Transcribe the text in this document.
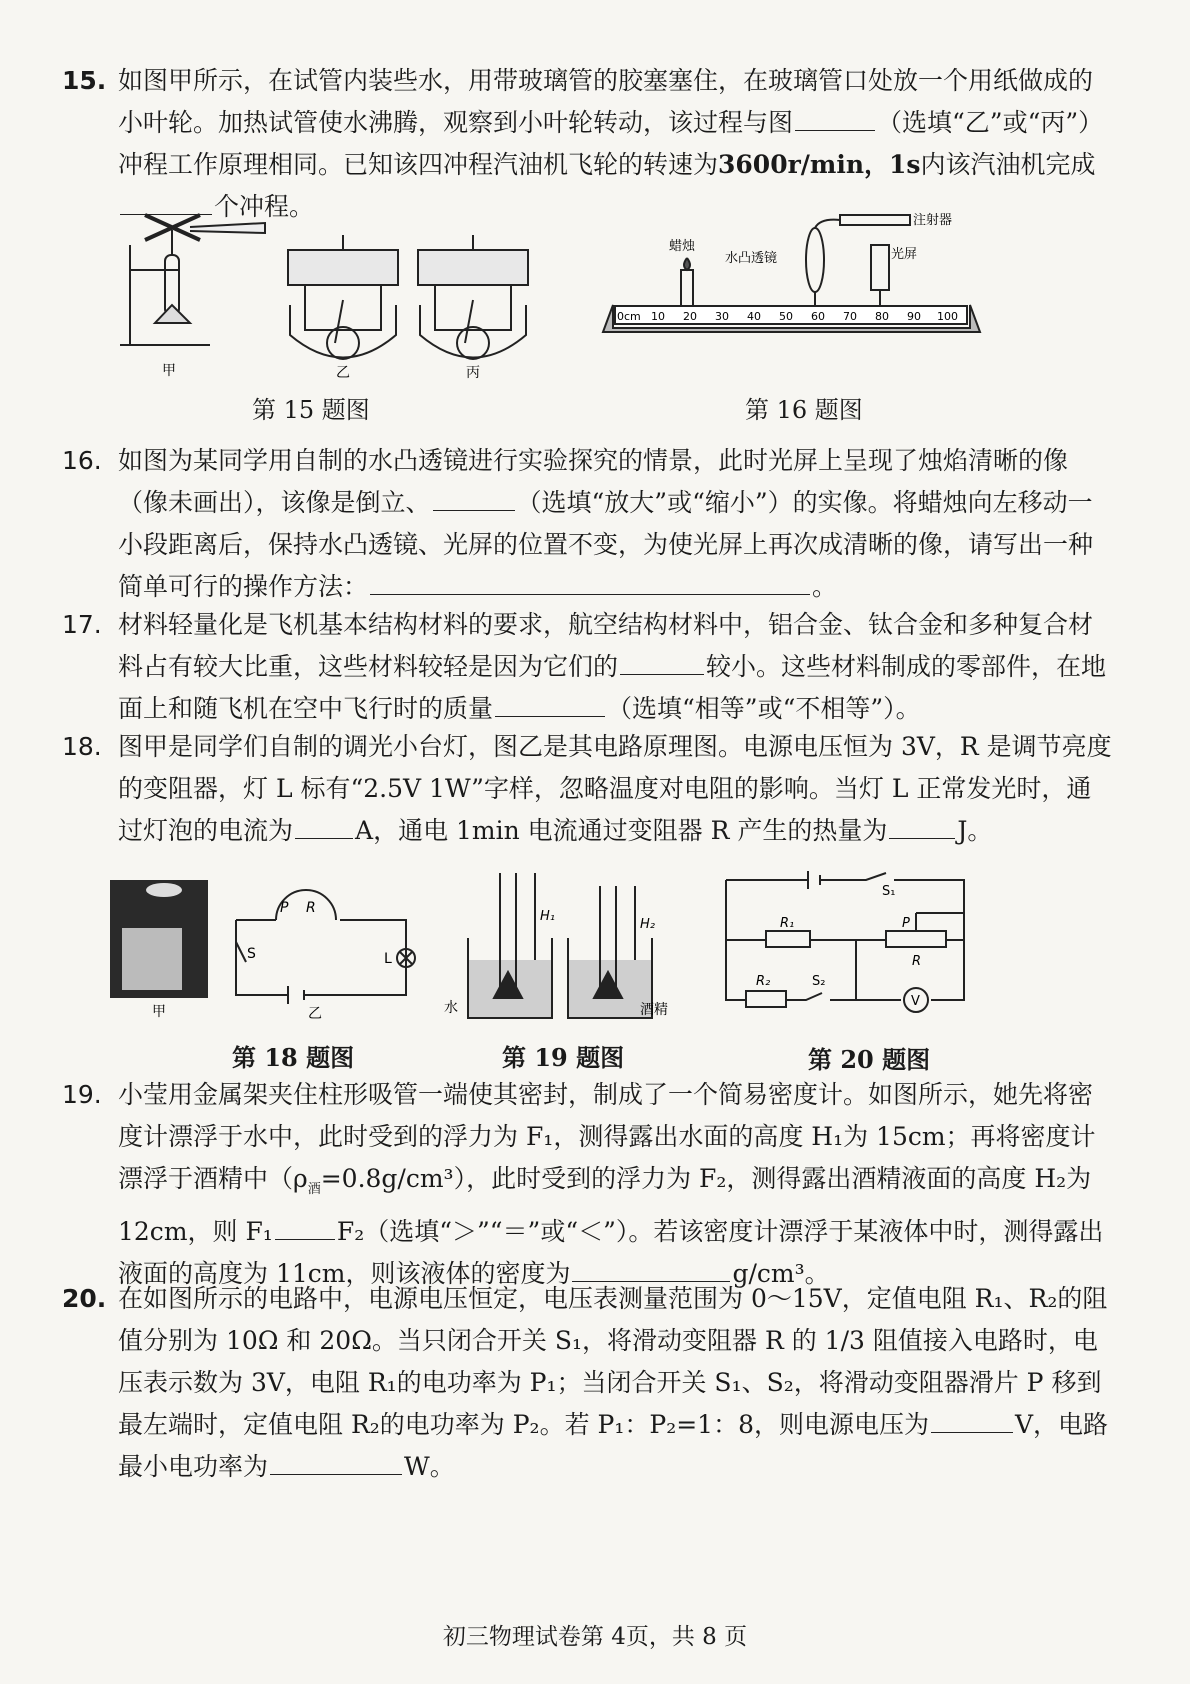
15. 如图甲所示，在试管内装些水，用带玻璃管的胶塞塞住，在玻璃管口处放一个用纸做成的小叶轮。加热试管使水沸腾，观察到小叶轮转动，该过程与图	（选填“乙”或“丙”）冲程工作原理相同。已知该四冲程汽油机飞轮的转速为3600r/min，1s内该汽油机完成个冲程。
甲	乙	丙
第 15 题图
蜡烛
水凸透镜
注射器
光屏
0cm 10 20 30 40 50 60 70 80 90 100
第 16 题图
16. 如图为某同学用自制的水凸透镜进行实验探究的情景，此时光屏上呈现了烛焰清晰的像（像未画出），该像是倒立、	（选填“放大”或“缩小”）的实像。将蜡烛向左移动一小段距离后，保持水凸透镜、光屏的位置不变，为使光屏上再次成清晰的像，请写出一种简单可行的操作方法：	。
17. 材料轻量化是飞机基本结构材料的要求，航空结构材料中，铝合金、钛合金和多种复合材料占有较大比重，这些材料较轻是因为它们的	较小。这些材料制成的零部件，在地面上和随飞机在空中飞行时的质量	（选填“相等”或“不相等”）。
18. 图甲是同学们自制的调光小台灯，图乙是其电路原理图。电源电压恒为 3V，R 是调节亮度的变阻器，灯 L 标有“2.5V 1W”字样，忽略温度对电阻的影响。当灯 L 正常发光时，通过灯泡的电流为 A，通电 1min 电流通过变阻器 R 产生的热量为	J。
甲
S
P R
L
乙
第 18 题图
H₁
H₂
水	酒精
第 19 题图
S₁
R₁	P
R
R₂	S₂
V
第 20 题图
19. 小莹用金属架夹住柱形吸管一端使其密封，制成了一个简易密度计。如图所示，她先将密度计漂浮于水中，此时受到的浮力为 F₁，测得露出水面的高度 H₁为 15cm；再将密度计漂浮于酒精中$(\rho_酒=0.8g/cm^3)$，此时受到的浮力为 F₂，测得露出酒精液面的高度 H₂为 12cm，则 F₁	F₂（选填“＞”“＝”或“＜”）。若该密度计漂浮于某液体中时，测得露出液面的高度为 11cm，则该液体的密度为	g/cm³。
20. 在如图所示的电路中，电源电压恒定，电压表测量范围为 0～15V，定值电阻 R₁、R₂的阻值分别为 10Ω 和 20Ω。当只闭合开关 S₁，将滑动变阻器 R 的 1/3 阻值接入电路时，电压表示数为 3V，电阻 R₁的电功率为 P₁；当闭合开关 S₁、S₂，将滑动变阻器滑片 P 移到最左端时，定值电阻 R₂的电功率为 P₂。若 P₁：P₂=1：8，则电源电压为	V，电路最小电功率为	W。
初三物理试卷第 4页，共 8 页
